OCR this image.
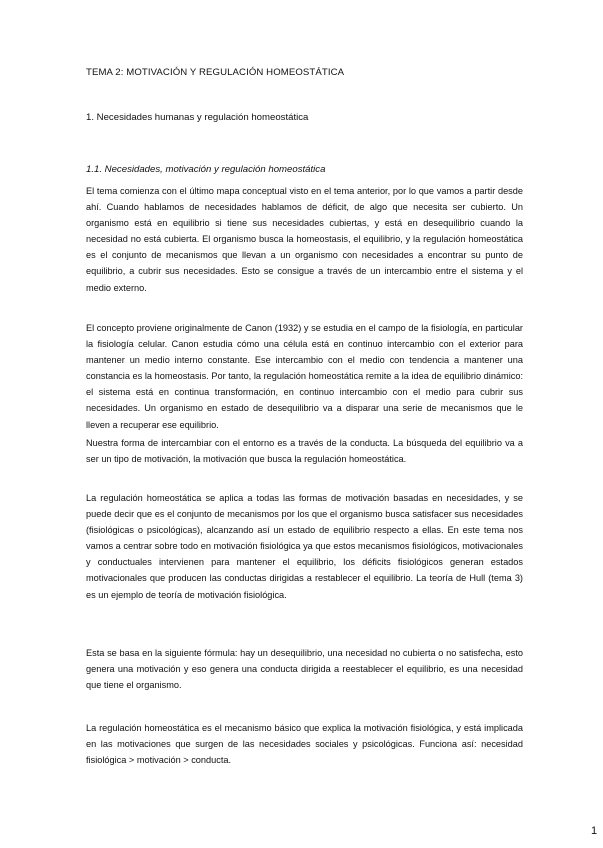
TEMA 2: MOTIVACIÓN Y REGULACIÓN HOMEOSTÁTICA
1. Necesidades humanas y regulación homeostática
1.1. Necesidades, motivación y regulación homeostática
El tema comienza con el último mapa conceptual visto en el tema anterior, por lo que vamos a partir desde ahí. Cuando hablamos de necesidades hablamos de déficit, de algo que necesita ser cubierto. Un organismo está en equilibrio si tiene sus necesidades cubiertas, y está en desequilibrio cuando la necesidad no está cubierta. El organismo busca la homeostasis, el equilibrio, y la regulación homeostática es el conjunto de mecanismos que llevan a un organismo con necesidades a encontrar su punto de equilibrio, a cubrir sus necesidades. Esto se consigue a través de un intercambio entre el sistema y el medio externo.
El concepto proviene originalmente de Canon (1932) y se estudia en el campo de la fisiología, en particular la fisiología celular. Canon estudia cómo una célula está en continuo intercambio con el exterior para mantener un medio interno constante. Ese intercambio con el medio con tendencia a mantener una constancia es la homeostasis. Por tanto, la regulación homeostática remite a la idea de equilibrio dinámico: el sistema está en continua transformación, en continuo intercambio con el medio para cubrir sus necesidades. Un organismo en estado de desequilibrio va a disparar una serie de mecanismos que le lleven a recuperar ese equilibrio.
Nuestra forma de intercambiar con el entorno es a través de la conducta. La búsqueda del equilibrio va a ser un tipo de motivación, la motivación que busca la regulación homeostática.
La regulación homeostática se aplica a todas las formas de motivación basadas en necesidades, y se puede decir que es el conjunto de mecanismos por los que el organismo busca satisfacer sus necesidades (fisiológicas o psicológicas), alcanzando así un estado de equilibrio respecto a ellas. En este tema nos vamos a centrar sobre todo en motivación fisiológica ya que estos mecanismos fisiológicos, motivacionales y conductuales intervienen para mantener el equilibrio, los déficits fisiológicos generan estados motivacionales que producen las conductas dirigidas a restablecer el equilibrio. La teoría de Hull (tema 3) es un ejemplo de teoría de motivación fisiológica.
Esta se basa en la siguiente fórmula: hay un desequilibrio, una necesidad no cubierta o no satisfecha, esto genera una motivación y eso genera una conducta dirigida a reestablecer el equilibrio, es una necesidad que tiene el organismo.
La regulación homeostática es el mecanismo básico que explica la motivación fisiológica, y está implicada en las motivaciones que surgen de las necesidades sociales y psicológicas. Funciona así: necesidad fisiológica > motivación > conducta.
1
